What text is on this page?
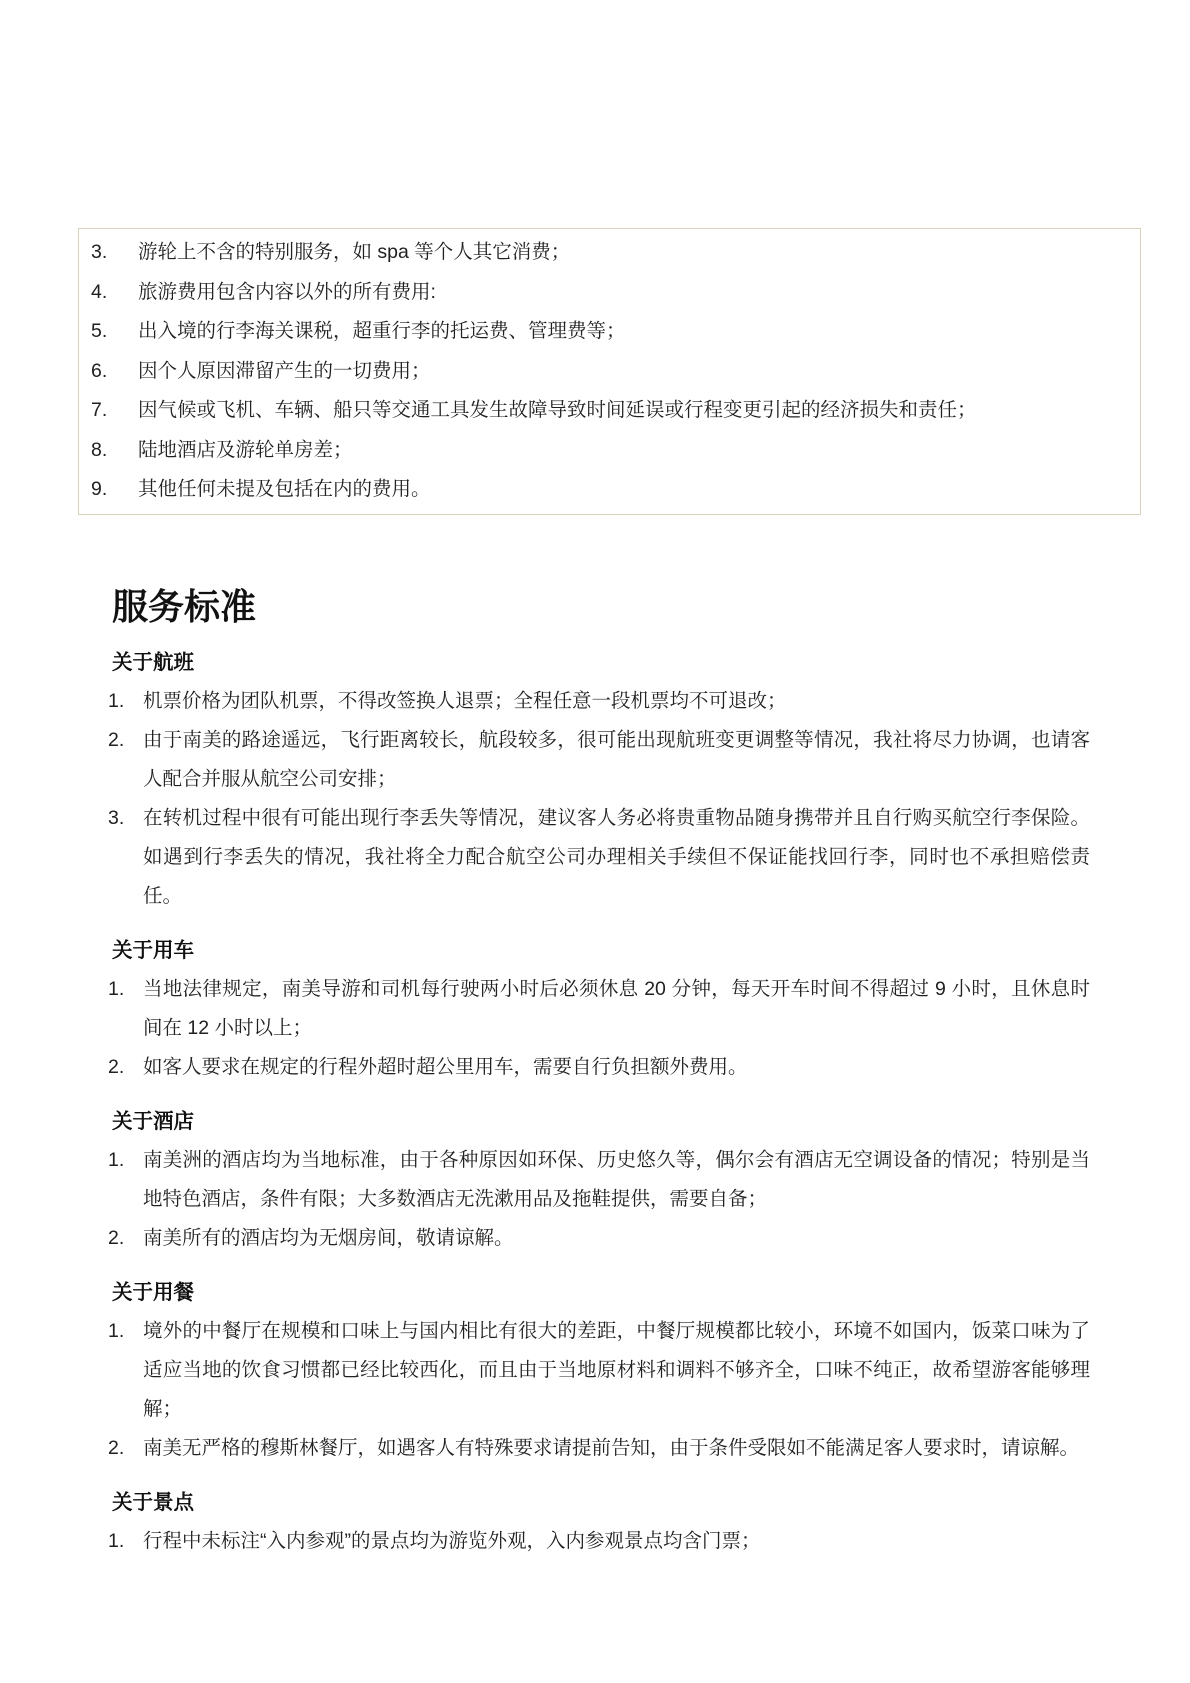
3. 游轮上不含的特别服务，如 spa 等个人其它消费；
4. 旅游费用包含内容以外的所有费用:
5. 出入境的行李海关课税，超重行李的托运费、管理费等；
6. 因个人原因滞留产生的一切费用；
7. 因气候或飞机、车辆、船只等交通工具发生故障导致时间延误或行程变更引起的经济损失和责任；
8. 陆地酒店及游轮单房差；
9. 其他任何未提及包括在内的费用。
服务标准
关于航班
1. 机票价格为团队机票，不得改签换人退票；全程任意一段机票均不可退改；
2. 由于南美的路途遥远，飞行距离较长，航段较多，很可能出现航班变更调整等情况，我社将尽力协调，也请客人配合并服从航空公司安排；
3. 在转机过程中很有可能出现行李丢失等情况，建议客人务必将贵重物品随身携带并且自行购买航空行李保险。如遇到行李丢失的情况，我社将全力配合航空公司办理相关手续但不保证能找回行李，同时也不承担赔偿责任。
关于用车
1. 当地法律规定，南美导游和司机每行驶两小时后必须休息 20 分钟，每天开车时间不得超过 9 小时，且休息时间在 12 小时以上；
2. 如客人要求在规定的行程外超时超公里用车，需要自行负担额外费用。
关于酒店
1. 南美洲的酒店均为当地标准，由于各种原因如环保、历史悠久等，偶尔会有酒店无空调设备的情况；特别是当地特色酒店，条件有限；大多数酒店无洗漱用品及拖鞋提供，需要自备；
2. 南美所有的酒店均为无烟房间，敬请谅解。
关于用餐
1. 境外的中餐厅在规模和口味上与国内相比有很大的差距，中餐厅规模都比较小，环境不如国内，饭菜口味为了适应当地的饮食习惯都已经比较西化，而且由于当地原材料和调料不够齐全，口味不纯正，故希望游客能够理解；
2. 南美无严格的穆斯林餐厅，如遇客人有特殊要求请提前告知，由于条件受限如不能满足客人要求时，请谅解。
关于景点
1. 行程中未标注“入内参观”的景点均为游览外观，入内参观景点均含门票；
